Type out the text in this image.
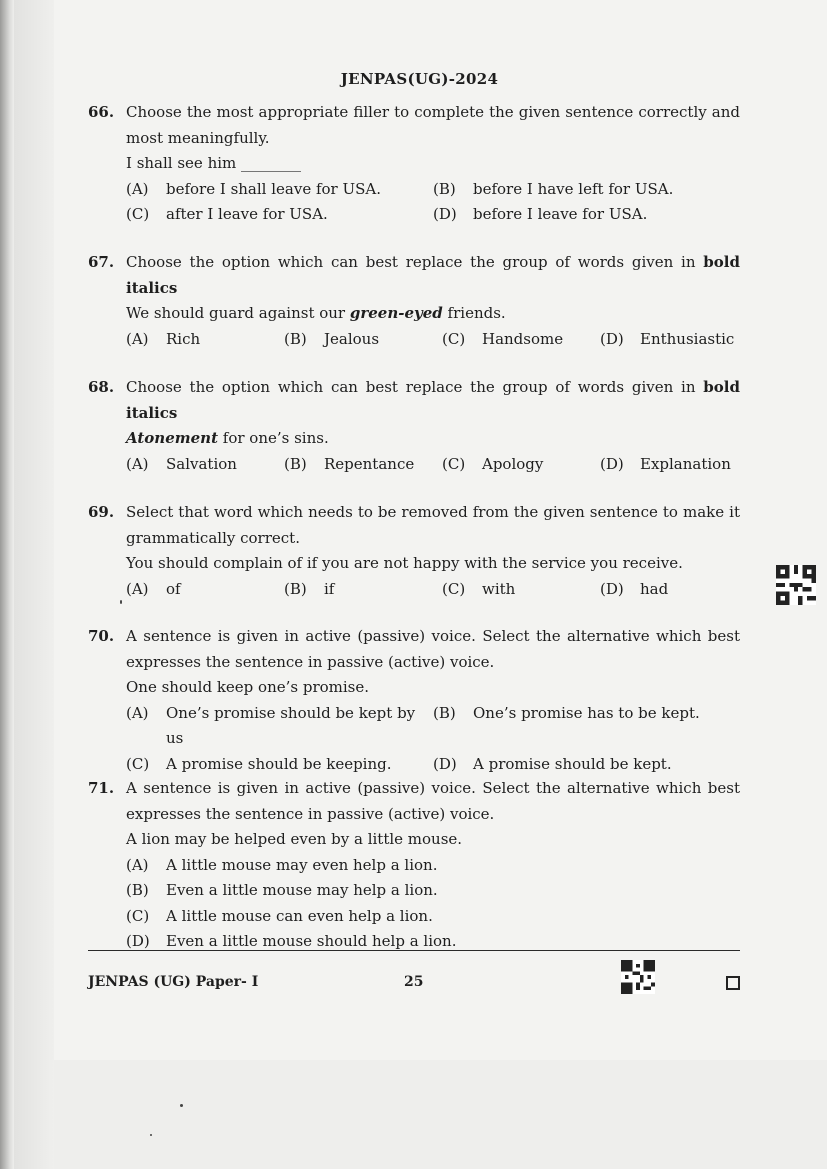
JENPAS(UG)-2024
66. Choose the most appropriate filler to complete the given sentence correctly and most meaningfully.
I shall see him ________
(A)	before I shall leave for USA.	(B)	before I have left for USA.
(C)	after I leave for USA.	(D)	before I leave for USA.
67. Choose the option which can best replace the group of words given in bold italics
We should guard against our green-eyed friends.
(A)	Rich	(B)	Jealous	(C)	Handsome (D)	Enthusiastic
68. Choose the option which can best replace the group of words given in bold italics
Atonement for one’s sins.
(A)	Salvation	(B)	Repentance (C)	Apology	(D)	Explanation
69. Select that word which needs to be removed from the given sentence to make it grammatically correct.
You should complain of if you are not happy with the service you receive.
(A)	of	(B)	if	(C)	with	(D)	had
70. A sentence is given in active (passive) voice. Select the alternative which best expresses the sentence in passive (active) voice.
One should keep one’s promise.
(A)	One’s promise should be kept by us
(B)	One’s promise has to be kept.
(C)	A promise should be keeping.	(D)	A promise should be kept.
71. A sentence is given in active (passive) voice. Select the alternative which best expresses the sentence in passive (active) voice.
A lion may be helped even by a little mouse.
(A)	A little mouse may even help a lion.
(B)	Even a little mouse may help a lion.
(C)	A little mouse can even help a lion.
(D)	Even a little mouse should help a lion.
JENPAS (UG) Paper- I	25
